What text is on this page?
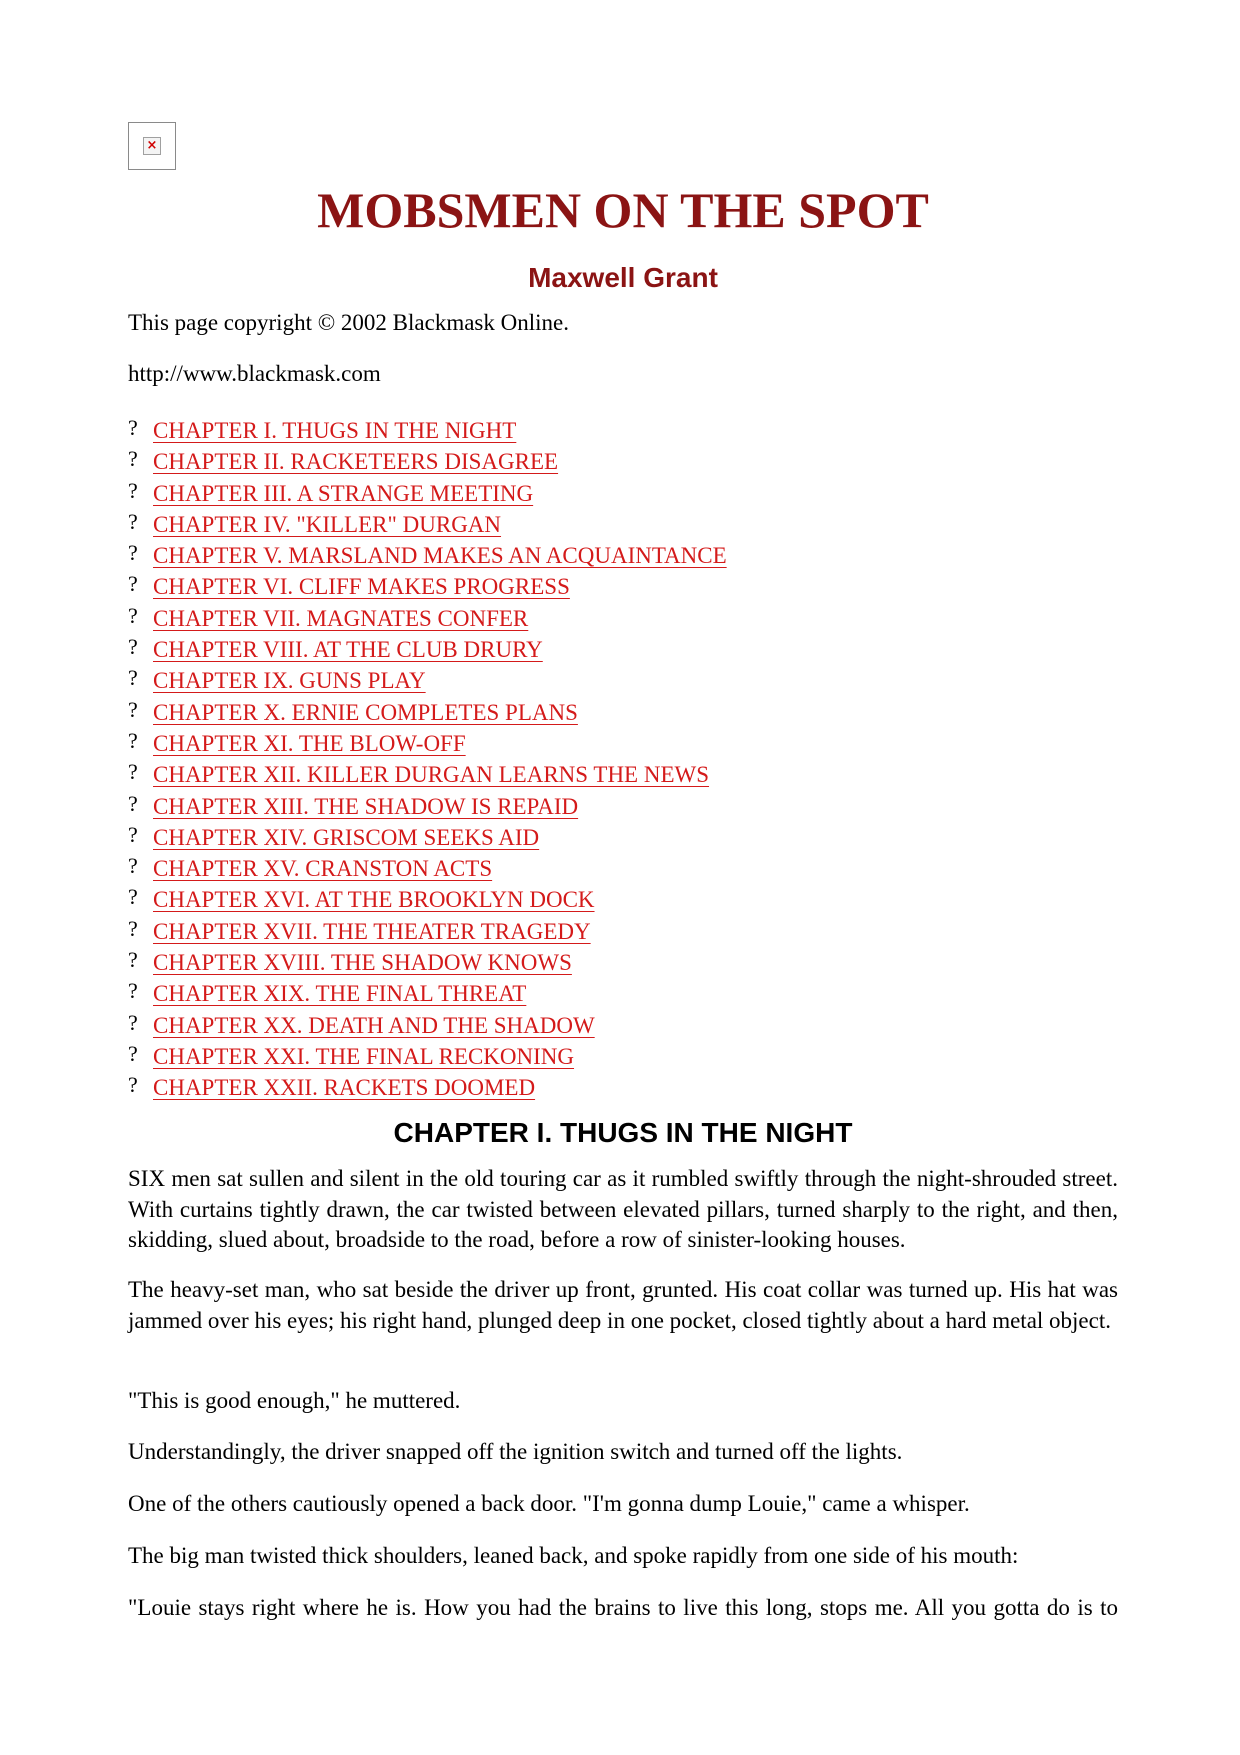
×
MOBSMEN ON THE SPOT
Maxwell Grant

This page copyright © 2002 Blackmask Online.

http://www.blackmask.com

? CHAPTER I. THUGS IN THE NIGHT
? CHAPTER II. RACKETEERS DISAGREE
? CHAPTER III. A STRANGE MEETING
? CHAPTER IV. "KILLER" DURGAN
? CHAPTER V. MARSLAND MAKES AN ACQUAINTANCE
? CHAPTER VI. CLIFF MAKES PROGRESS
? CHAPTER VII. MAGNATES CONFER
? CHAPTER VIII. AT THE CLUB DRURY
? CHAPTER IX. GUNS PLAY
? CHAPTER X. ERNIE COMPLETES PLANS
? CHAPTER XI. THE BLOW-OFF
? CHAPTER XII. KILLER DURGAN LEARNS THE NEWS
? CHAPTER XIII. THE SHADOW IS REPAID
? CHAPTER XIV. GRISCOM SEEKS AID
? CHAPTER XV. CRANSTON ACTS
? CHAPTER XVI. AT THE BROOKLYN DOCK
? CHAPTER XVII. THE THEATER TRAGEDY
? CHAPTER XVIII. THE SHADOW KNOWS
? CHAPTER XIX. THE FINAL THREAT
? CHAPTER XX. DEATH AND THE SHADOW
? CHAPTER XXI. THE FINAL RECKONING
? CHAPTER XXII. RACKETS DOOMED
CHAPTER I. THUGS IN THE NIGHT

SIX men sat sullen and silent in the old touring car as it rumbled swiftly through the night-shrouded street. With curtains tightly drawn, the car twisted between elevated pillars, turned sharply to the right, and then, skidding, slued about, broadside to the road, before a row of sinister-looking houses.

The heavy-set man, who sat beside the driver up front, grunted. His coat collar was turned up. His hat was jammed over his eyes; his right hand, plunged deep in one pocket, closed tightly about a hard metal object.

"This is good enough," he muttered.

Understandingly, the driver snapped off the ignition switch and turned off the lights.

One of the others cautiously opened a back door. "I'm gonna dump Louie," came a whisper.

The big man twisted thick shoulders, leaned back, and spoke rapidly from one side of his mouth:

"Louie stays right where he is. How you had the brains to live this long, stops me. All you gotta do is to
